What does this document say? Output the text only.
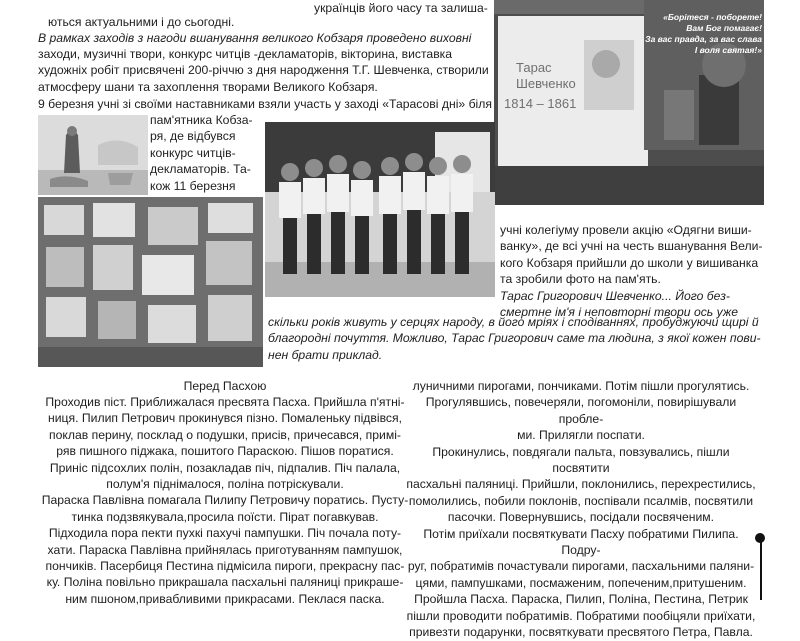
українців його часу та залиша-
ються актуальними і до сьогодні.
В рамках заходів з нагоди вшанування великого Кобзаря проведено виховні

заходи, музичні твори, конкурс читців -декламаторів, вікторина, виставка

художніх робіт присвячені 200-річчю з дня народження Т.Г. Шевченка, створили

атмосферу шани та захоплення творами Великого Кобзаря.

9 березня учні зі своїми наставниками взяли участь у заході «Тарасові дні» біля

пам'ятника Кобза-

ря, де відбувся

конкурс читців-

декламаторів. Та-

кож 11 березня

«Борітеся - поборете!

Вам Бог помагає!

За вас правда, за вас слава

І воля святая!»

Тарас

Шевченко

1814 – 1861

учні колегіуму провели акцію «Одягни виши-

ванку», де всі учні на честь вшанування Вели-

кого Кобзаря прийшли до школи у вишиванка

та зробили фото на пам'ять.

Тарас Григорович Шевченко... Його без-

смертне ім'я і неповторні твори ось уже

скільки років живуть у серцях народу, в його мріях і сподіваннях, пробуджуючи щирі й

благородні почуття. Можливо, Тарас Григорович саме та людина, з якої кожен пови-

нен брати приклад.

Перед Пасхою

Проходив піст. Приближалася пресвята Пасха. Прийшла п'ятні-

ниця. Пилип Петрович прокинувся пізно. Помаленьку підвівся,

поклав перину, посклад о подушки, присів, причесався, примі-

ряв пишного піджака, пошитого Параскою. Пішов поратися.

Приніс підсохлих полін, позакладав піч, підпалив. Піч палала,

полум'я піднімалося, поліна потріскували.

Параска Павлівна помагала Пилипу Петровичу поратись. Пусту-

тинка подзвякувала,просила поїсти. Пірат погавкував.

Підходила пора пекти пухкі пахучі пампушки. Піч почала поту-

хати. Параска Павлівна прийнялась приготуванням пампушок,

пончиків. Пасербиця Пестина підмісила пироги, прекрасну пас-

ку. Поліна повільно прикрашала пасхальні паляниці прикраше-

ним пшоном,привабливими прикрасами. Пеклася паска.

луничними пирогами, пончиками. Потім пішли прогулятись.

Прогулявшись, повечеряли, погомоніли, повирішували пробле-

ми. Прилягли поспати.

Прокинулись, повдягали пальта, повзувались, пішли посвятити

пасхальні паляниці. Прийшли, поклонились, перехрестились,

помолились, побили поклонів, поспівали псалмів, посвятили

пасочки. Повернувшись, посідали посвяченим.

Потім приїхали посвяткувати Пасху побратими Пилипа. Подру-

руг, побратимів почастували пирогами, пасхальними паляни-

цями, пампушками, посмаженим, попеченим,притушеним.

Пройшла Пасха. Параска, Пилип, Поліна, Пестина, Петрик

пішли проводити побратимів. Побратими пообіцяли приїхати,

привезти подарунки, посвяткувати пресвятого Петра, Павла.
